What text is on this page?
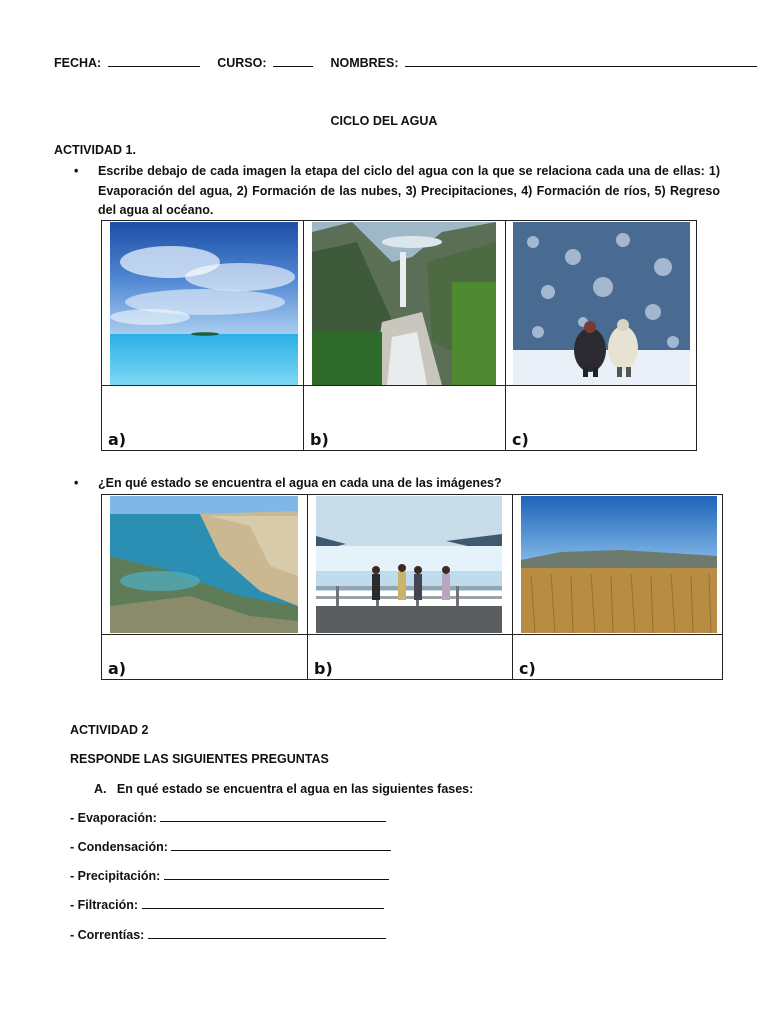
FECHA:	CURSO:	NOMBRES:
CICLO DEL AGUA
ACTIVIDAD 1.
• Escribe debajo de cada imagen la etapa del ciclo del agua con la que se relaciona cada una de ellas: 1) Evaporación del agua, 2) Formación de las nubes, 3) Precipitaciones, 4) Formación de ríos, 5) Regreso del agua al océano.

a)	b)	c)
• ¿En qué estado se encuentra el agua en cada una de las imágenes?

a)	b)	c)
ACTIVIDAD 2
RESPONDE LAS SIGUIENTES PREGUNTAS
A.   En qué estado se encuentra el agua en las siguientes fases:
- Evaporación:
- Condensación:
- Precipitación:
- Filtración:
- Correntías:
